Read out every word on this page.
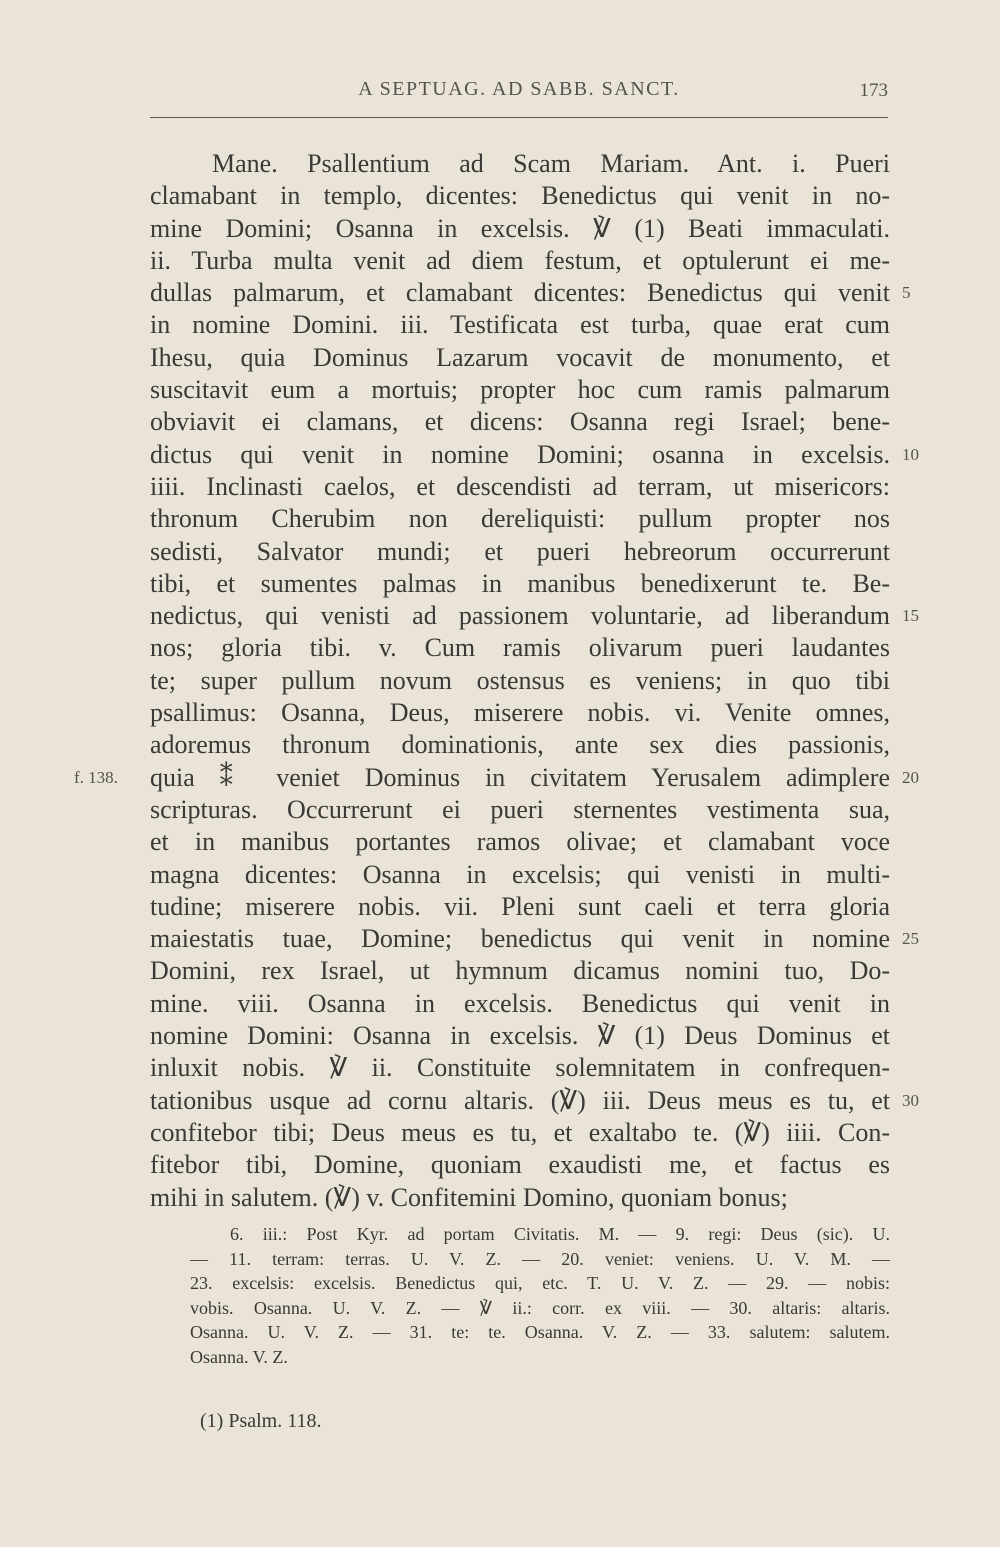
A SEPTUAG. AD SABB. SANCT.	173
Mane. Psallentium ad Scam Mariam. Ant. i. Pueri
clamabant in templo, dicentes: Benedictus qui venit in no-
mine Domini; Osanna in excelsis. ℣ (1) Beati immaculati.
ii. Turba multa venit ad diem festum, et optulerunt ei me-
dullas palmarum, et clamabant dicentes: Benedictus qui venit 5
in nomine Domini. iii. Testificata est turba, quae erat cum
Ihesu, quia Dominus Lazarum vocavit de monumento, et
suscitavit eum a mortuis; propter hoc cum ramis palmarum
obviavit ei clamans, et dicens: Osanna regi Israel; bene-
dictus qui venit in nomine Domini; osanna in excelsis. 10
iiii. Inclinasti caelos, et descendisti ad terram, ut misericors:
thronum Cherubim non dereliquisti: pullum propter nos
sedisti, Salvator mundi; et pueri hebreorum occurrerunt
tibi, et sumentes palmas in manibus benedixerunt te. Be-
nedictus, qui venisti ad passionem voluntarie, ad liberandum 15
nos; gloria tibi. v. Cum ramis olivarum pueri laudantes
te; super pullum novum ostensus es veniens; in quo tibi
psallimus: Osanna, Deus, miserere nobis. vi. Venite omnes,
adoremus thronum dominationis, ante sex dies passionis,
f. 138. quia ⁑ veniet Dominus in civitatem Yerusalem adimplere 20
scripturas. Occurrerunt ei pueri sternentes vestimenta sua,
et in manibus portantes ramos olivae; et clamabant voce
magna dicentes: Osanna in excelsis; qui venisti in multi-
tudine; miserere nobis. vii. Pleni sunt caeli et terra gloria
maiestatis tuae, Domine; benedictus qui venit in nomine 25
Domini, rex Israel, ut hymnum dicamus nomini tuo, Do-
mine. viii. Osanna in excelsis. Benedictus qui venit in
nomine Domini: Osanna in excelsis. ℣ (1) Deus Dominus et
inluxit nobis. ℣ ii. Constituite solemnitatem in confrequen-
tationibus usque ad cornu altaris. (℣) iii. Deus meus es tu, et 30
confitebor tibi; Deus meus es tu, et exaltabo te. (℣) iiii. Con-
fitebor tibi, Domine, quoniam exaudisti me, et factus es
mihi in salutem. (℣) v. Confitemini Domino, quoniam bonus;
6. iii.: Post Kyr. ad portam Civitatis. M. — 9. regi: Deus (sic). U.
— 11. terram: terras. U. V. Z. — 20. veniet: veniens. U. V. M. —
23. excelsis: excelsis. Benedictus qui, etc. T. U. V. Z. — 29. — nobis:
vobis. Osanna. U. V. Z. — ℣ ii.: corr. ex viii. — 30. altaris: altaris.
Osanna. U. V. Z. — 31. te: te. Osanna. V. Z. — 33. salutem: salutem.
Osanna. V. Z.
(1) Psalm. 118.
